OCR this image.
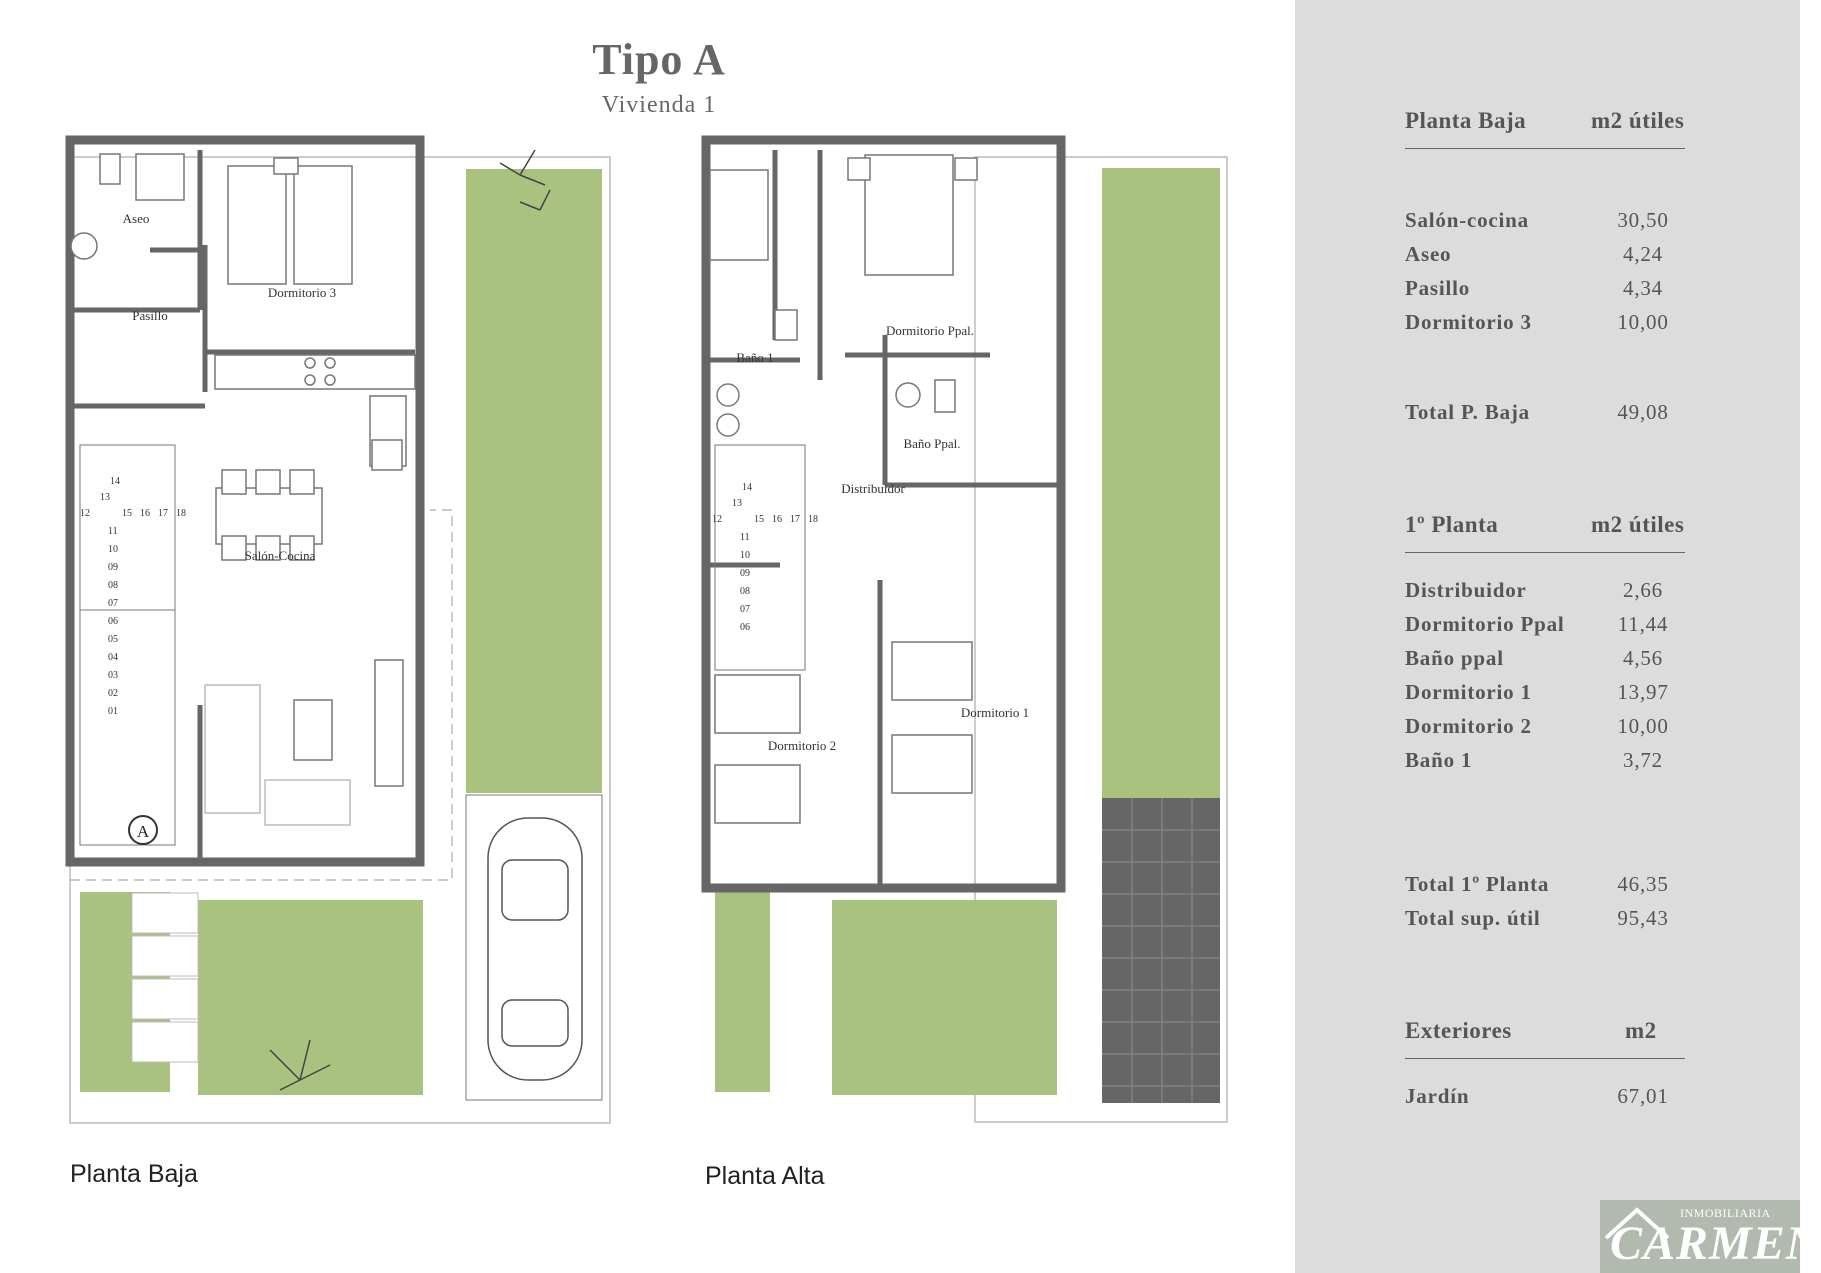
Tipo A
Vivienda 1
14
13
12	15 16 17 18
11
10
09
08
07
06
05
04
03
02
01
A
Aseo
Dormitorio 3
Pasillo
Salón-Cocina
Planta Baja
14
13
12	15 16 17 18
11
10
09
08
07
06
Baño 1
Dormitorio Ppal.
Baño Ppal.
Distribuidor
Dormitorio 1
Dormitorio 2
Planta Alta
Planta Baja	m2 útiles
Salón-cocina	30,50
Aseo	4,24
Pasillo	4,34
Dormitorio 3	10,00
Total P. Baja	49,08
1º Planta	m2 útiles
Distribuidor	2,66
Dormitorio Ppal	11,44
Baño ppal	4,56
Dormitorio 1	13,97
Dormitorio 2	10,00
Baño 1	3,72
Total 1º Planta	46,35
Total sup. útil	95,43
Exteriores	m2
Jardín	67,01
INMOBILIARIA
CARMEN
